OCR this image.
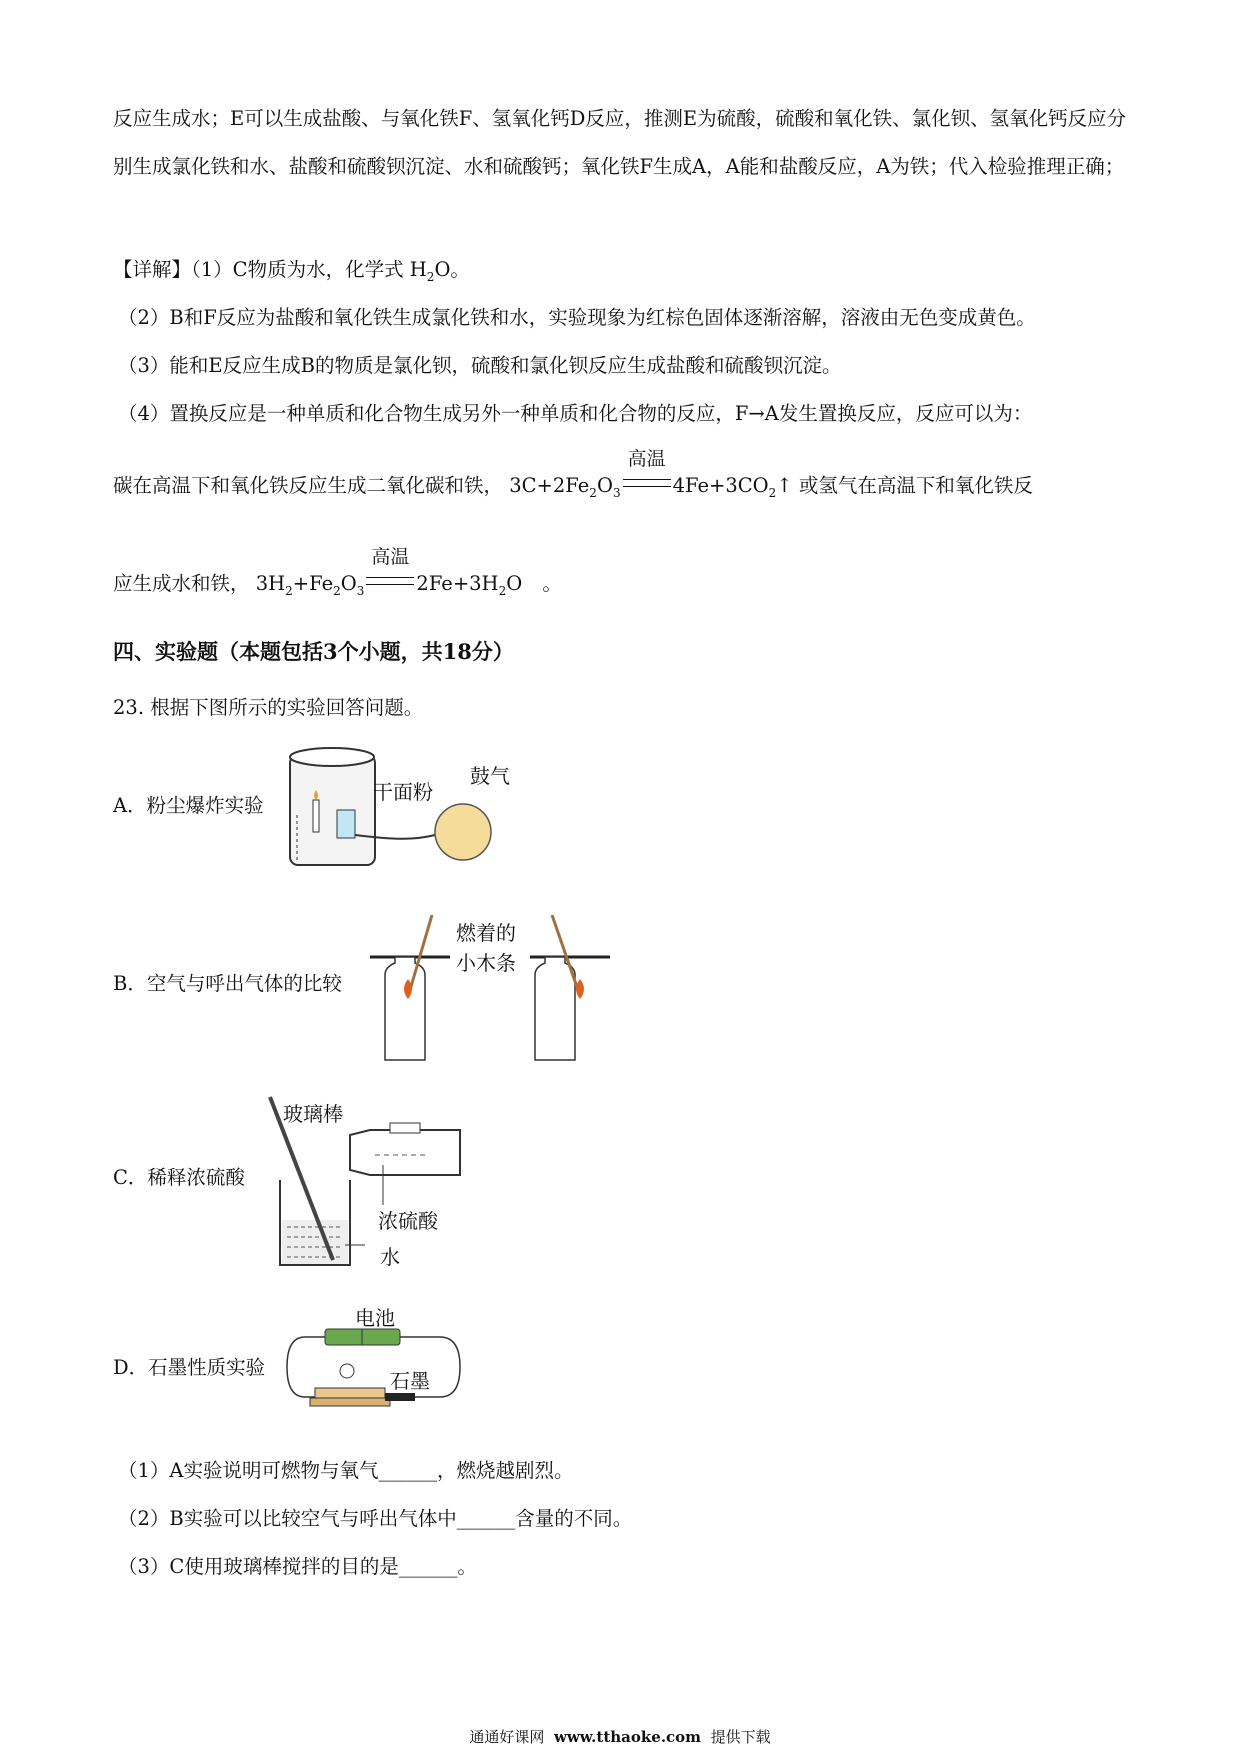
反应生成水；E可以生成盐酸、与氧化铁F、氢氧化钙D反应，推测E为硫酸，硫酸和氧化铁、氯化钡、氢氧化钙反应分别生成氯化铁和水、盐酸和硫酸钡沉淀、水和硫酸钙；氧化铁F生成A，A能和盐酸反应，A为铁；代入检验推理正确；
【详解】（1）C物质为水，化学式 $H_2O$。
（2）B和F反应为盐酸和氧化铁生成氯化铁和水，实验现象为红棕色固体逐渐溶解，溶液由无色变成黄色。
（3）能和E反应生成B的物质是氯化钡，硫酸和氯化钡反应生成盐酸和硫酸钡沉淀。
（4）置换反应是一种单质和化合物生成另外一种单质和化合物的反应，F→A发生置换反应，反应可以为：
碳在高温下和氧化铁反应生成二氧化碳和铁， $3C+2Fe_2O_3$
高温
$4Fe+3CO_2↑$ 或氢气在高温下和氧化铁反
应生成水和铁， $3H_2+Fe_2O_3$
高温
$2Fe+3H_2O$ 。
四、实验题（本题包括3个小题，共18分）
23. 根据下图所示的实验回答问题。
A．粉尘爆炸实验
干面粉
鼓气
B．空气与呼出气体的比较
燃着的
小木条
C．稀释浓硫酸
玻璃棒
浓硫酸
水
D．石墨性质实验
电池
石墨
（1）A实验说明可燃物与氧气______，燃烧越剧烈。
（2）B实验可以比较空气与呼出气体中______含量的不同。
（3）C使用玻璃棒搅拌的目的是______。
通通好课网 www.tthaoke.com 提供下载
